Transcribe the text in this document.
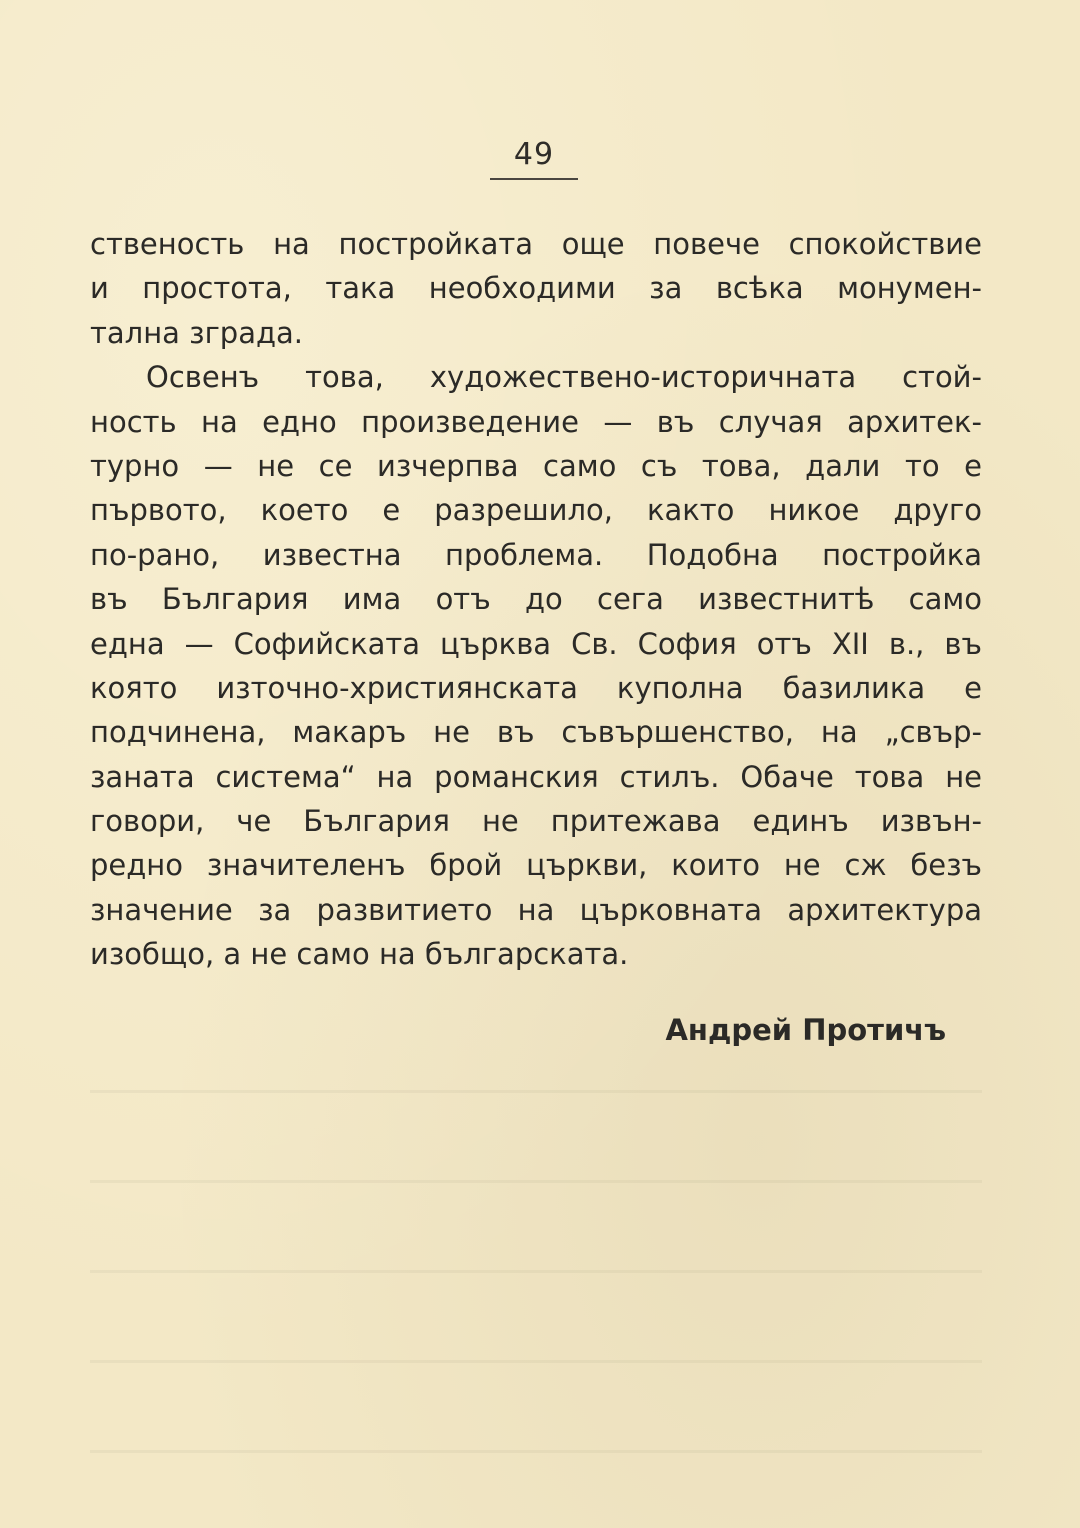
49
ственость на постройката още повече спокойствие
и простота, така необходими за всѣка монумен-
тална зграда.
Освенъ това, художествено-историчната стой-
ность на едно произведение — въ случая архитек-
турно — не се изчерпва само съ това, дали то е
първото, което е разрешило, както никое друго
по-рано, известна проблема. Подобна постройка
въ България има отъ до сега известнитѣ само
една — Софийската църква Св. София отъ XII в., въ
която източно-християнската куполна базилика е
подчинена, макаръ не въ съвършенство, на „свър-
заната система“ на романския стилъ. Обаче това не
говори, че България не притежава единъ извън-
редно значителенъ брой църкви, които не сж безъ
значение за развитието на църковната архитектура
изобщо, а не само на българската.
Андрей Протичъ
